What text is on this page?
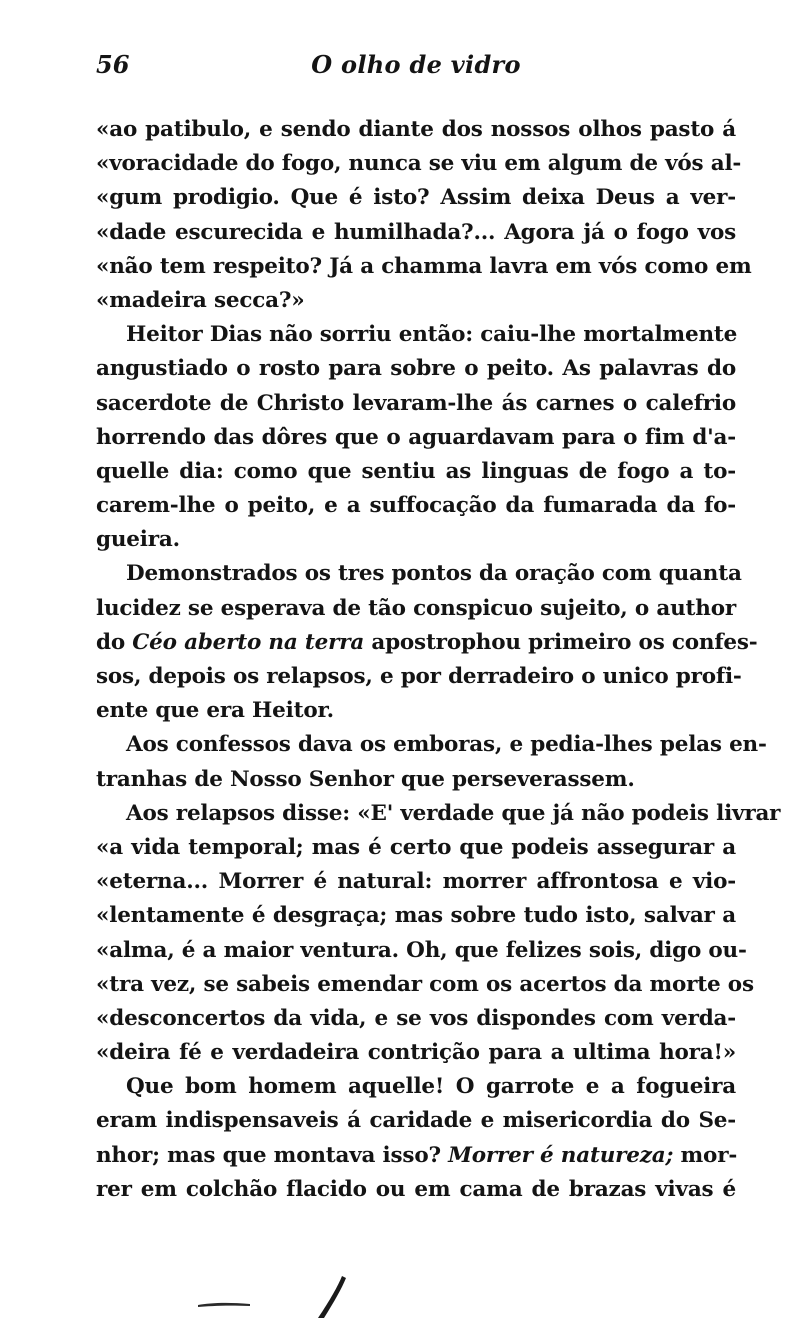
56	O olho de vidro
«ao patibulo, e sendo diante dos nossos olhos pasto á
«voracidade do fogo, nunca se viu em algum de vós al-
«gum prodigio. Que é isto? Assim deixa Deus a ver-
«dade escurecida e humilhada?... Agora já o fogo vos
«não tem respeito? Já a chamma lavra em vós como em
«madeira secca?»
Heitor Dias não sorriu então: caiu-lhe mortalmente
angustiado o rosto para sobre o peito. As palavras do
sacerdote de Christo levaram-lhe ás carnes o calefrio
horrendo das dôres que o aguardavam para o fim d'a-
quelle dia: como que sentiu as linguas de fogo a to-
carem-lhe o peito, e a suffocação da fumarada da fo-
gueira.
Demonstrados os tres pontos da oração com quanta
lucidez se esperava de tão conspicuo sujeito, o author
do Céo aberto na terra apostrophou primeiro os confes-
sos, depois os relapsos, e por derradeiro o unico profi-
ente que era Heitor.
Aos confessos dava os emboras, e pedia-lhes pelas en-
tranhas de Nosso Senhor que perseverassem.
Aos relapsos disse: «E' verdade que já não podeis livrar
«a vida temporal; mas é certo que podeis assegurar a
«eterna... Morrer é natural: morrer affrontosa e vio-
«lentamente é desgraça; mas sobre tudo isto, salvar a
«alma, é a maior ventura. Oh, que felizes sois, digo ou-
«tra vez, se sabeis emendar com os acertos da morte os
«desconcertos da vida, e se vos dispondes com verda-
«deira fé e verdadeira contrição para a ultima hora!»
Que bom homem aquelle! O garrote e a fogueira
eram indispensaveis á caridade e misericordia do Se-
nhor; mas que montava isso? Morrer é natureza; mor-
rer em colchão flacido ou em cama de brazas vivas é
